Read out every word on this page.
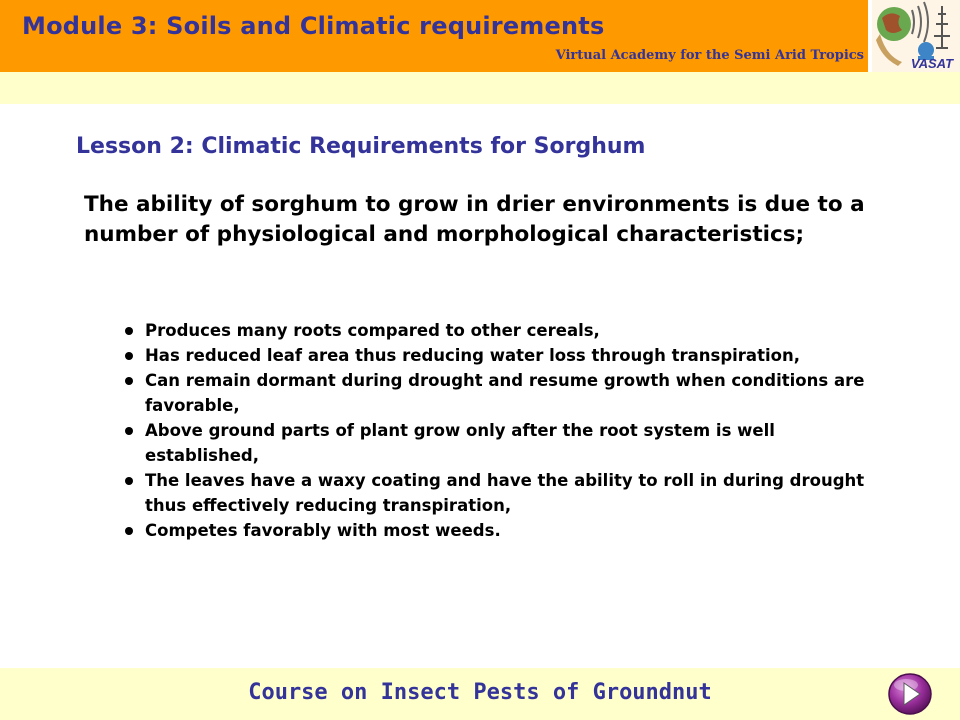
Module 3: Soils and Climatic requirements
Virtual Academy for the Semi Arid Tropics
VASAT
Lesson 2: Climatic Requirements for Sorghum
The ability of sorghum to grow in drier environments is due to a number of physiological and morphological characteristics;
Produces many roots compared to other cereals,
Has reduced leaf area thus reducing water loss through transpiration,
Can remain dormant during drought and resume growth when conditions are favorable,
Above ground parts of plant grow only after the root system is well established,
The leaves have a waxy coating and have the ability to roll in during drought thus effectively reducing transpiration,
Competes favorably with most weeds.
Course on Insect Pests of Groundnut
